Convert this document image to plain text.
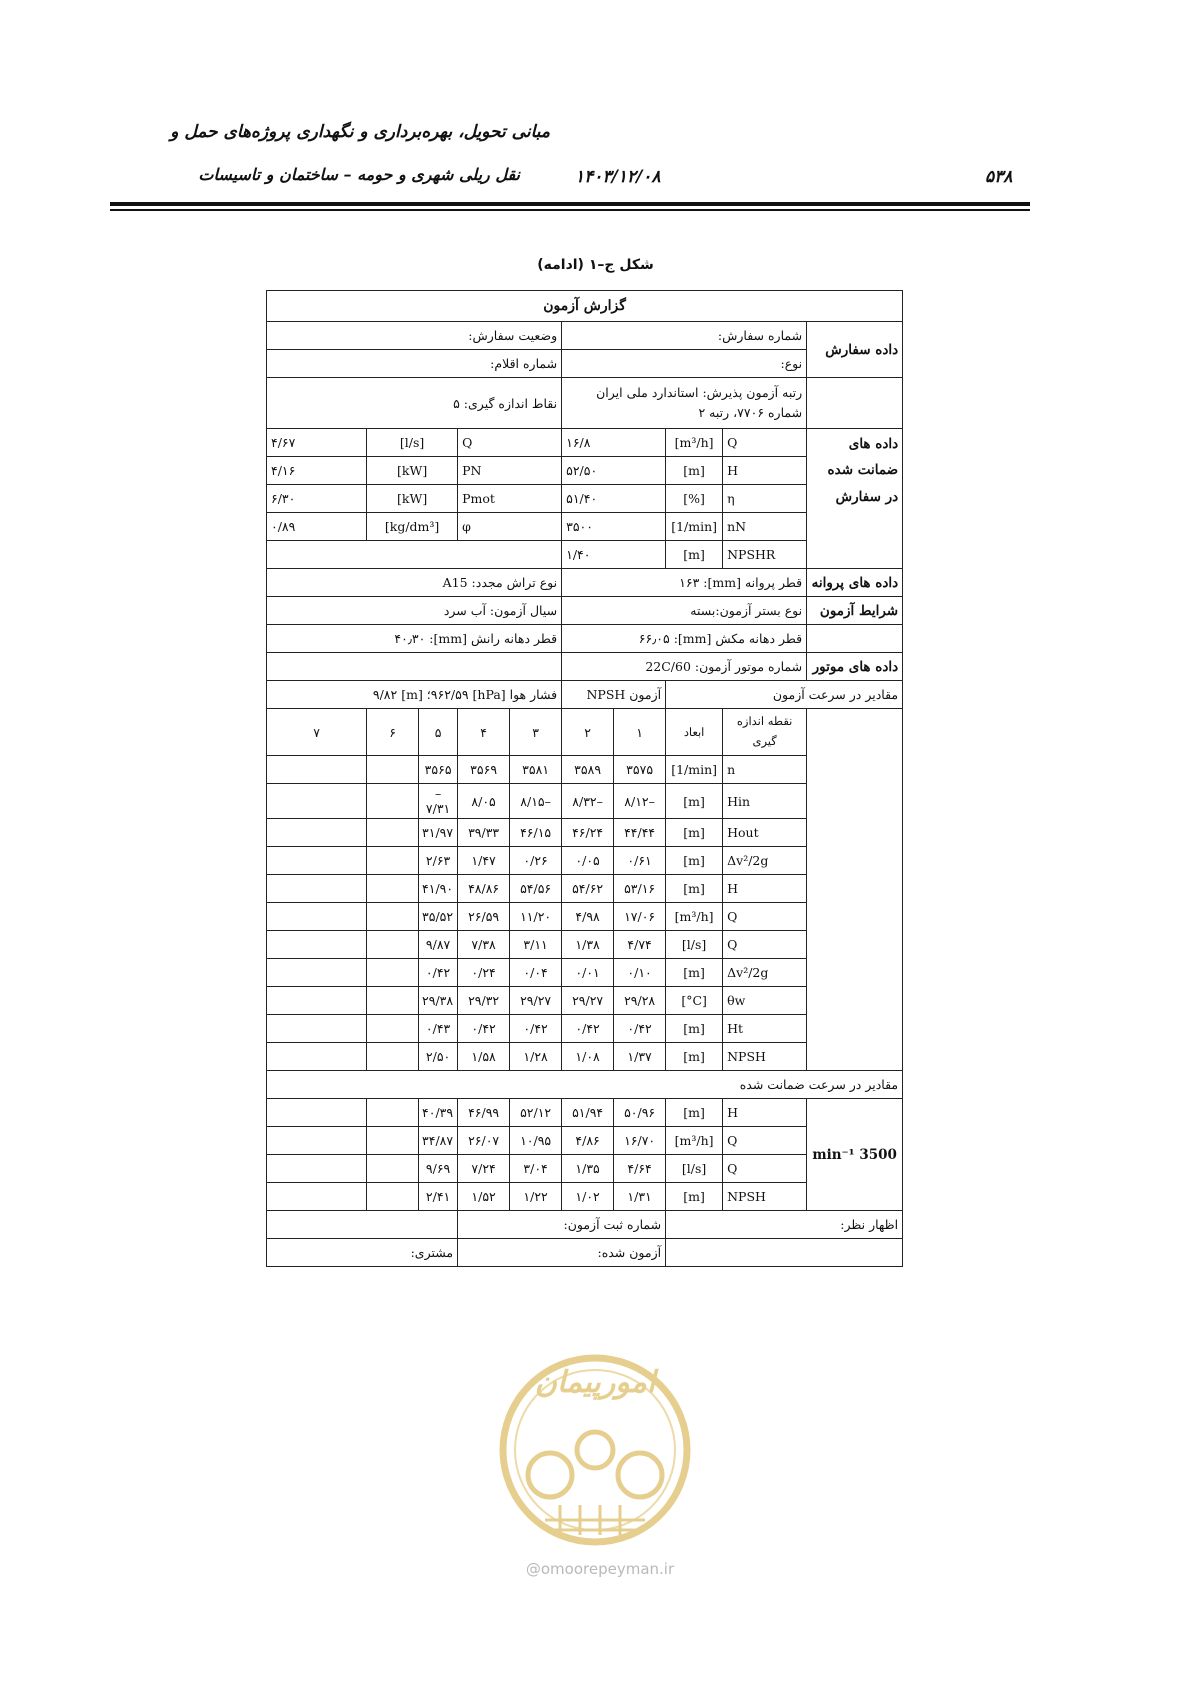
مبانی تحویل، بهره‌برداری و نگهداری پروژه‌های حمل و
نقل ریلی شهری و حومه – ساختمان و تاسیسات	۱۴۰۳/۱۲/۰۸	۵۳۸
شکل ج–۱ (ادامه)
گزارش آزمون									
داده سفارش	شماره سفارش:				وضعیت سفارش:				
	نوع:				شماره اقلام:				
	رتبه آزمون پذیرش: استاندارد ملی ایران شماره ۷۷۰۶، رتبه ۲				نقاط اندازه گیری: ۵				
داده های ضمانت شده در سفارش	Q	[m³/h]	۱۶/۸		Q		[l/s]		۴/۶۷
	H	[m]	۵۲/۵۰		PN		[kW]		۴/۱۶
	η	[%]	۵۱/۴۰		Pmot		[kW]		۶/۳۰
	nN	[1/min]	۳۵۰۰		φ		[kg/dm³]		۰/۸۹
	NPSHR	[m]	۱/۴۰						
داده های پروانه	قطر پروانه [mm]: ۱۶۳				نوع تراش مجدد: A15				
شرایط آزمون	نوع بستر آزمون:بسته				سیال آزمون: آب سرد				
	قطر دهانه مکش [mm]: ۶۶٫۰۵				قطر دهانه رانش [mm]: ۴۰٫۳۰				
داده های موتور	شماره موتور آزمون: 22C/60								
مقادیر در سرعت آزمون			آزمون NPSH		فشار هوا [hPa] ۹۶۲/۵۹؛ [m] ۹/۸۲				
	نقطه اندازه گیری	ابعاد	۱	۲	۳	۴	۵	۶	۷
	n	[1/min]	۳۵۷۵	۳۵۸۹	۳۵۸۱	۳۵۶۹	۳۵۶۵		
	Hin	[m]	–۸/۱۲	–۸/۳۲	–۸/۱۵	۸/۰۵	–۷/۳۱		
	Hout	[m]	۴۴/۴۴	۴۶/۲۴	۴۶/۱۵	۳۹/۳۳	۳۱/۹۷		
	Δv²/2g	[m]	۰/۶۱	۰/۰۵	۰/۲۶	۱/۴۷	۲/۶۳		
	H	[m]	۵۳/۱۶	۵۴/۶۲	۵۴/۵۶	۴۸/۸۶	۴۱/۹۰		
	Q	[m³/h]	۱۷/۰۶	۴/۹۸	۱۱/۲۰	۲۶/۵۹	۳۵/۵۲		
	Q	[l/s]	۴/۷۴	۱/۳۸	۳/۱۱	۷/۳۸	۹/۸۷		
	Δv²/2g	[m]	۰/۱۰	۰/۰۱	۰/۰۴	۰/۲۴	۰/۴۲		
	θw	[°C]	۲۹/۲۸	۲۹/۲۷	۲۹/۲۷	۲۹/۳۲	۲۹/۳۸		
	Ht	[m]	۰/۴۲	۰/۴۲	۰/۴۲	۰/۴۲	۰/۴۳		
	NPSH	[m]	۱/۳۷	۱/۰۸	۱/۲۸	۱/۵۸	۲/۵۰		
مقادیر در سرعت ضمانت شده									
3500 min⁻¹	H	[m]	۵۰/۹۶	۵۱/۹۴	۵۲/۱۲	۴۶/۹۹	۴۰/۳۹		
	Q	[m³/h]	۱۶/۷۰	۴/۸۶	۱۰/۹۵	۲۶/۰۷	۳۴/۸۷		
	Q	[l/s]	۴/۶۴	۱/۳۵	۳/۰۴	۷/۲۴	۹/۶۹		
	NPSH	[m]	۱/۳۱	۱/۰۲	۱/۲۲	۱/۵۲	۲/۴۱		
اظهار نظر:			شماره ثبت آزمون:						
			آزمون شده:				مشتری:		
امورپیمان
@omoorepeyman.ir
